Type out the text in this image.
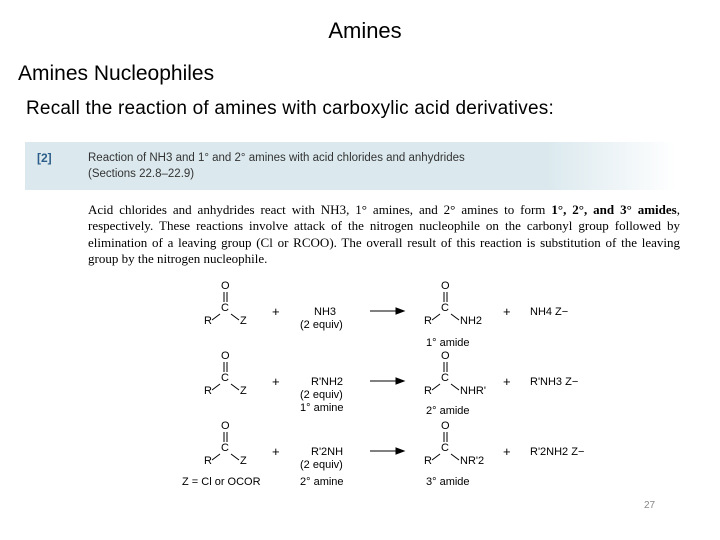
Amines
Amines Nucleophiles
Recall the reaction of amines with carboxylic acid derivatives:
[2]	Reaction of NH3 and 1° and 2° amines with acid chlorides and anhydrides
(Sections 22.8–22.9)
Acid chlorides and anhydrides react with NH3, 1° amines, and 2° amines to form 1°, 2°, and 3° amides, respectively. These reactions involve attack of the nitrogen nucleophile on the carbonyl group followed by elimination of a leaving group (Cl or RCOO). The overall result of this reaction is substitution of the leaving group by the nitrogen nucleophile.
O
C
R	Z
+	NH3
(2 equiv)
O
C
R	NH2
1° amide
+ NH4 Z−
O
C
R	Z
+	R'NH2
(2 equiv)
1° amine
O
C
R	NHR'
2° amide
+ R'NH3 Z−
O
C
R	Z
+	R'2NH
(2 equiv)
2° amine
O
C
R	NR'2
3° amide
+ R'2NH2 Z−
Z = Cl or OCOR
27
